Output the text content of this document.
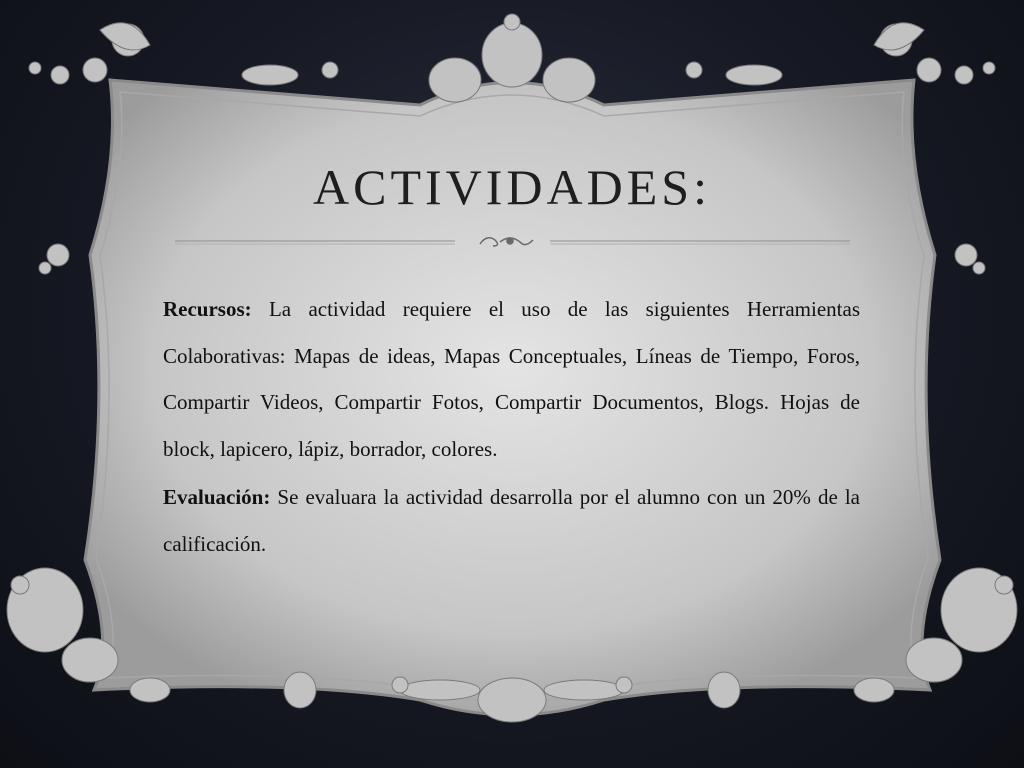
ACTIVIDADES:

Recursos: La actividad requiere el uso de las siguientes Herramientas Colaborativas: Mapas de ideas, Mapas Conceptuales, Líneas de Tiempo, Foros, Compartir Videos, Compartir Fotos, Compartir Documentos, Blogs. Hojas de block, lapicero, lápiz, borrador, colores.

Evaluación: Se evaluara la actividad desarrolla por el alumno con un 20% de la calificación.
